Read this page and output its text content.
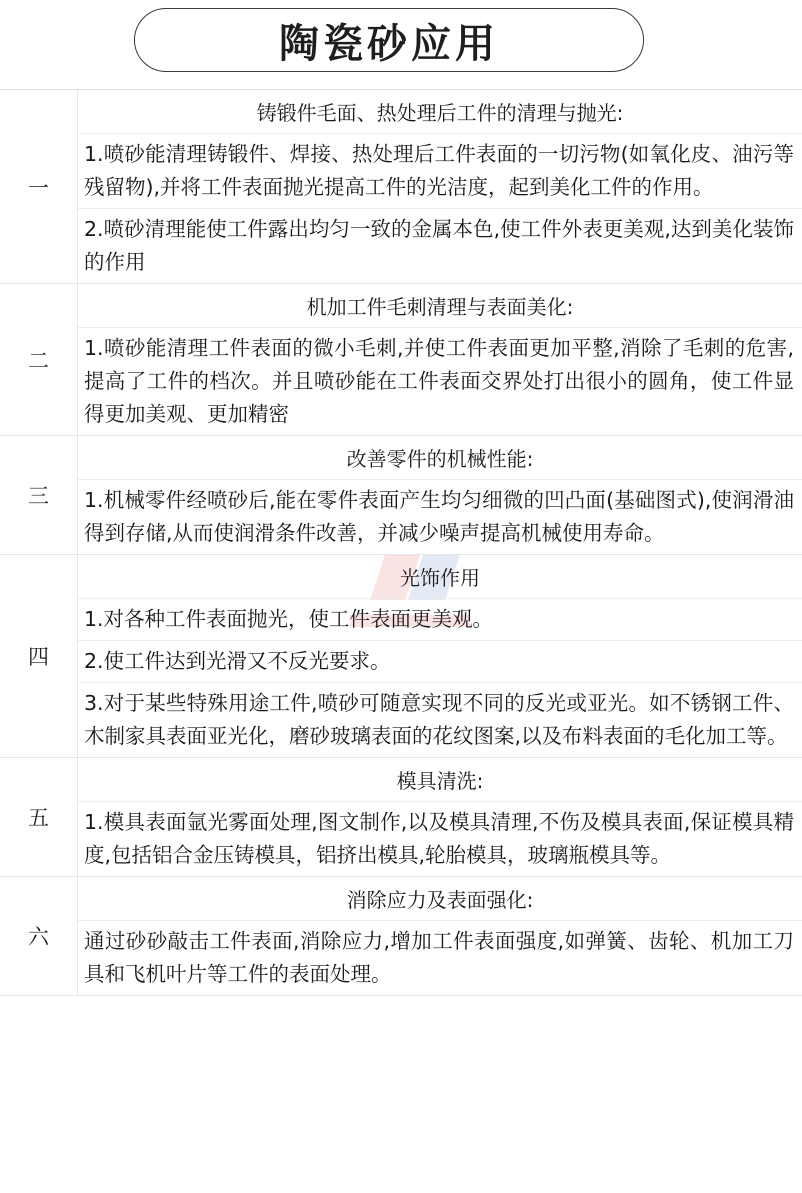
陶瓷砂应用
一
铸锻件毛面、热处理后工件的清理与抛光:
1.喷砂能清理铸锻件、焊接、热处理后工件表面的一切污物(如氧化皮、油污等残留物),并将工件表面抛光提高工件的光洁度，起到美化工件的作用。
2.喷砂清理能使工件露出均匀一致的金属本色,使工件外表更美观,达到美化装饰的作用
二
机加工件毛刺清理与表面美化:
1.喷砂能清理工件表面的微小毛刺,并使工件表面更加平整,消除了毛刺的危害,提高了工件的档次。并且喷砂能在工件表面交界处打出很小的圆角，使工件显得更加美观、更加精密
三
改善零件的机械性能:
1.机械零件经喷砂后,能在零件表面产生均匀细微的凹凸面(基础图式),使润滑油得到存储,从而使润滑条件改善，并减少噪声提高机械使用寿命。
四
光饰作用
1.对各种工件表面抛光，使工件表面更美观。
2.使工件达到光滑又不反光要求。
3.对于某些特殊用途工件,喷砂可随意实现不同的反光或亚光。如不锈钢工件、木制家具表面亚光化，磨砂玻璃表面的花纹图案,以及布料表面的毛化加工等。
五
模具清洗:
1.模具表面氩光雾面处理,图文制作,以及模具清理,不伤及模具表面,保证模具精度,包括铝合金压铸模具，铝挤出模具,轮胎模具，玻璃瓶模具等。
六
消除应力及表面强化:
通过砂砂敲击工件表面,消除应力,增加工件表面强度,如弹簧、齿轮、机加工刀具和飞机叶片等工件的表面处理。
